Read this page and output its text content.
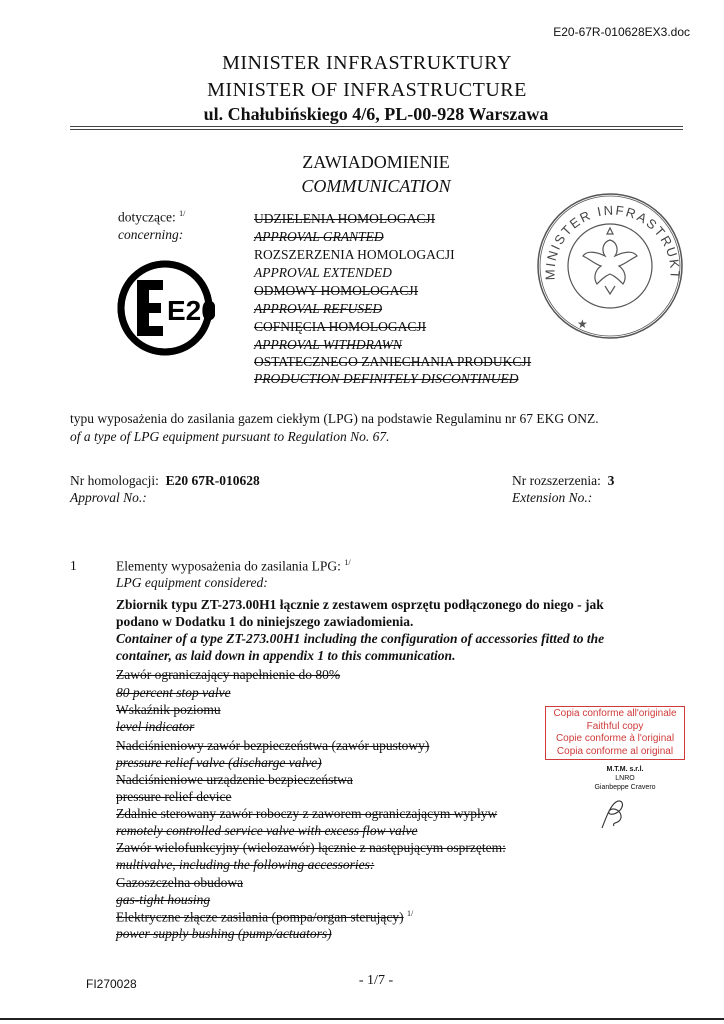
E20-67R-010628EX3.doc
MINISTER INFRASTRUKTURY
MINISTER OF INFRASTRUCTURE
ul. Chałubińskiego 4/6, PL-00-928 Warszawa
ZAWIADOMIENIE
COMMUNICATION
dotyczące: $^{1/}$
concerning:
UDZIELENIA HOMOLOGACJI
APPROVAL GRANTED
ROZSZERZENIA HOMOLOGACJI
APPROVAL EXTENDED
ODMOWY HOMOLOGACJI
APPROVAL REFUSED
COFNIĘCIA HOMOLOGACJI
APPROVAL WITHDRAWN
OSTATECZNEGO ZANIECHANIA PRODUKCJI
PRODUCTION DEFINITELY DISCONTINUED
E20
MINISTER INFRASTRUKT
★
typu wyposażenia do zasilania gazem ciekłym (LPG) na podstawie Regulaminu nr 67 EKG ONZ.
of a type of LPG equipment pursuant to Regulation No. 67.
Nr homologacji: E20 67R-010628
Approval No.:
Nr rozszerzenia: 3
Extension No.:
1	Elementy wyposażenia do zasilania LPG: $^{1/}$
LPG equipment considered:
Zbiornik typu ZT-273.00H1 łącznie z zestawem osprzętu podłączonego do niego - jak
podano w Dodatku 1 do niniejszego zawiadomienia.
Container of a type ZT-273.00H1 including the configuration of accessories fitted to the
container, as laid down in appendix 1 to this communication.
Zawór ograniczający napełnienie do 80%
80 percent stop valve
Wskaźnik poziomu
level indicator
Nadciśnieniowy zawór bezpieczeństwa (zawór upustowy)
pressure relief valve (discharge valve)
Nadciśnieniowe urządzenie bezpieczeństwa
pressure relief device
Zdalnie sterowany zawór roboczy z zaworem ograniczającym wypływ
remotely controlled service valve with excess flow valve
Zawór wielofunkcyjny (wielozawór) łącznie z następującym osprzętem:
multivalve, including the following accessories:
Gazoszczelna obudowa
gas-tight housing
Elektryczne złącze zasilania (pompa/organ sterujący) $^{1/}$
power supply bushing (pump/actuators)
Copia conforme all'originale
Faithful copy
Copie conforme à l'original
Copia conforme al original
M.T.M. s.r.l.
LNRO
Gianbeppe Cravero
FI270028	- 1/7 -
